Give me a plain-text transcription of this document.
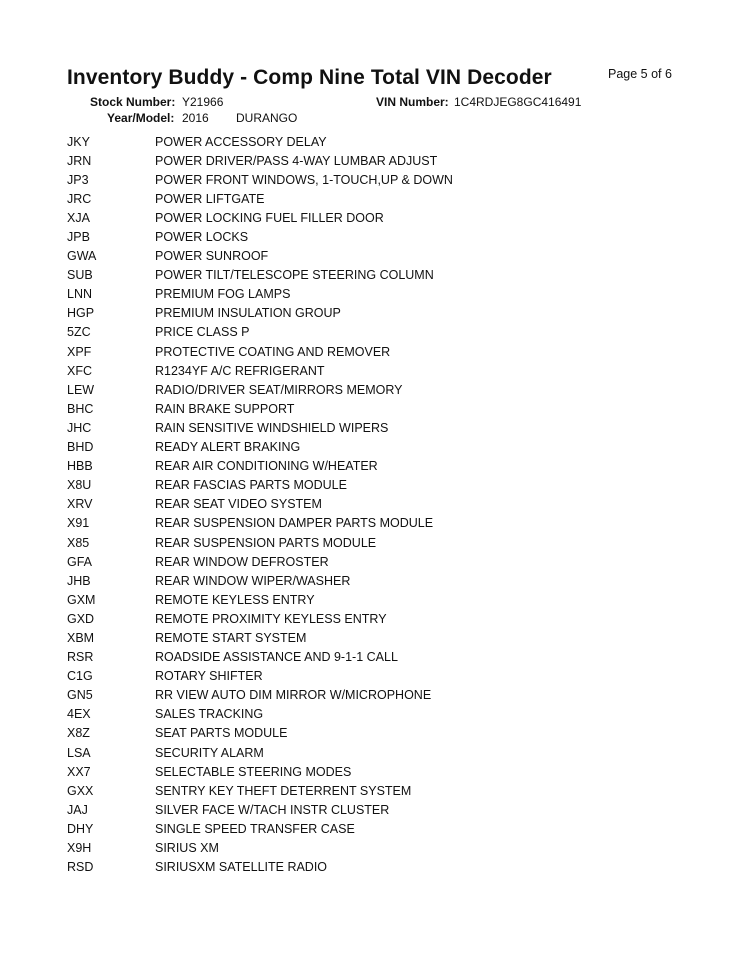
Inventory Buddy - Comp Nine Total VIN Decoder	Page 5 of 6
Stock Number: Y21966	VIN Number: 1C4RDJEG8GC416491
Year/Model: 2016 DURANGO
JKY	POWER ACCESSORY DELAY
JRN	POWER DRIVER/PASS 4-WAY LUMBAR ADJUST
JP3	POWER FRONT WINDOWS, 1-TOUCH,UP & DOWN
JRC	POWER LIFTGATE
XJA	POWER LOCKING FUEL FILLER DOOR
JPB	POWER LOCKS
GWA	POWER SUNROOF
SUB	POWER TILT/TELESCOPE STEERING COLUMN
LNN	PREMIUM FOG LAMPS
HGP	PREMIUM INSULATION GROUP
5ZC	PRICE CLASS P
XPF	PROTECTIVE COATING AND REMOVER
XFC	R1234YF A/C REFRIGERANT
LEW	RADIO/DRIVER SEAT/MIRRORS MEMORY
BHC	RAIN BRAKE SUPPORT
JHC	RAIN SENSITIVE WINDSHIELD WIPERS
BHD	READY ALERT BRAKING
HBB	REAR AIR CONDITIONING W/HEATER
X8U	REAR FASCIAS PARTS MODULE
XRV	REAR SEAT VIDEO SYSTEM
X91	REAR SUSPENSION DAMPER PARTS MODULE
X85	REAR SUSPENSION PARTS MODULE
GFA	REAR WINDOW DEFROSTER
JHB	REAR WINDOW WIPER/WASHER
GXM	REMOTE KEYLESS ENTRY
GXD	REMOTE PROXIMITY KEYLESS ENTRY
XBM	REMOTE START SYSTEM
RSR	ROADSIDE ASSISTANCE AND 9-1-1 CALL
C1G	ROTARY SHIFTER
GN5	RR VIEW AUTO DIM MIRROR W/MICROPHONE
4EX	SALES TRACKING
X8Z	SEAT PARTS MODULE
LSA	SECURITY ALARM
XX7	SELECTABLE STEERING MODES
GXX	SENTRY KEY THEFT DETERRENT SYSTEM
JAJ	SILVER FACE W/TACH INSTR CLUSTER
DHY	SINGLE SPEED TRANSFER CASE
X9H	SIRIUS XM
RSD	SIRIUSXM SATELLITE RADIO
